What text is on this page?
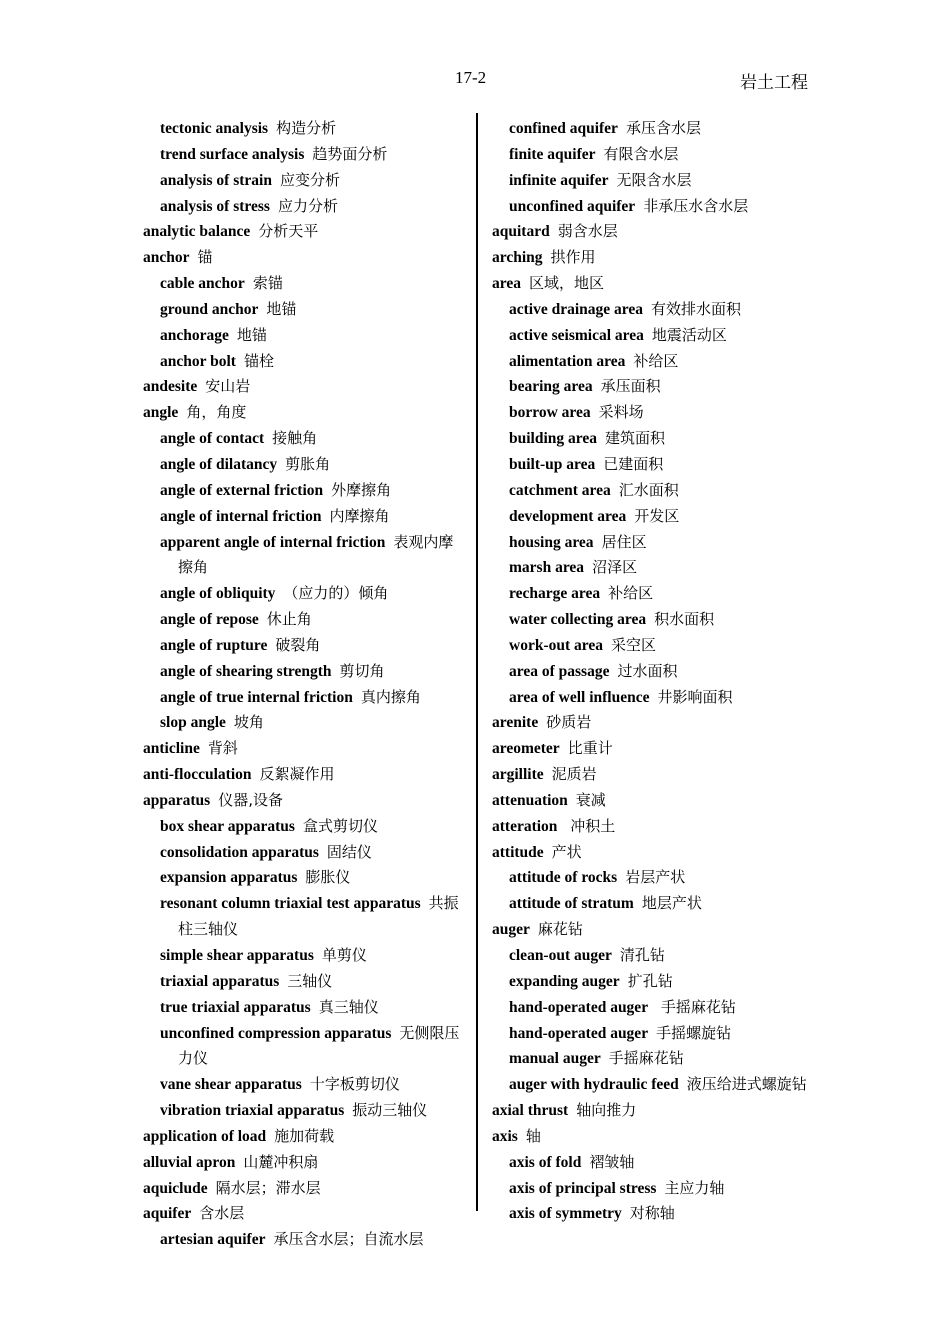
17-2	岩土工程
tectonic analysis 构造分析
trend surface analysis 趋势面分析
analysis of strain 应变分析
analysis of stress 应力分析
analytic balance 分析天平
anchor 锚
cable anchor 索锚
ground anchor 地锚
anchorage 地锚
anchor bolt 锚栓
andesite 安山岩
angle 角，角度
angle of contact 接触角
angle of dilatancy 剪胀角
angle of external friction 外摩擦角
angle of internal friction 内摩擦角
apparent angle of internal friction 表观内摩擦角
angle of obliquity （应力的）倾角
angle of repose 休止角
angle of rupture 破裂角
angle of shearing strength 剪切角
angle of true internal friction 真内擦角
slop angle 坡角
anticline 背斜
anti-flocculation 反絮凝作用
apparatus 仪器,设备
box shear apparatus 盒式剪切仪
consolidation apparatus 固结仪
expansion apparatus 膨胀仪
resonant column triaxial test apparatus 共振柱三轴仪
simple shear apparatus 单剪仪
triaxial apparatus 三轴仪
true triaxial apparatus 真三轴仪
unconfined compression apparatus 无侧限压力仪
vane shear apparatus 十字板剪切仪
vibration triaxial apparatus 振动三轴仪
application of load 施加荷载
alluvial apron 山麓冲积扇
aquiclude 隔水层；滞水层
aquifer 含水层
artesian aquifer 承压含水层；自流水层
confined aquifer 承压含水层
finite aquifer 有限含水层
infinite aquifer 无限含水层
unconfined aquifer 非承压水含水层
aquitard 弱含水层
arching 拱作用
area 区域，地区
active drainage area 有效排水面积
active seismical area 地震活动区
alimentation area 补给区
bearing area 承压面积
borrow area 采料场
building area 建筑面积
built-up area 已建面积
catchment area 汇水面积
development area 开发区
housing area 居住区
marsh area 沼泽区
recharge area 补给区
water collecting area 积水面积
work-out area 采空区
area of passage 过水面积
area of well influence 井影响面积
arenite 砂质岩
areometer 比重计
argillite 泥质岩
attenuation 衰减
atteration 冲积土
attitude 产状
attitude of rocks 岩层产状
attitude of stratum 地层产状
auger 麻花钻
clean-out auger 清孔钻
expanding auger 扩孔钻
hand-operated auger 手摇麻花钻
hand-operated auger 手摇螺旋钻
manual auger 手摇麻花钻
auger with hydraulic feed 液压给进式螺旋钻
axial thrust 轴向推力
axis 轴
axis of fold 褶皱轴
axis of principal stress 主应力轴
axis of symmetry 对称轴
